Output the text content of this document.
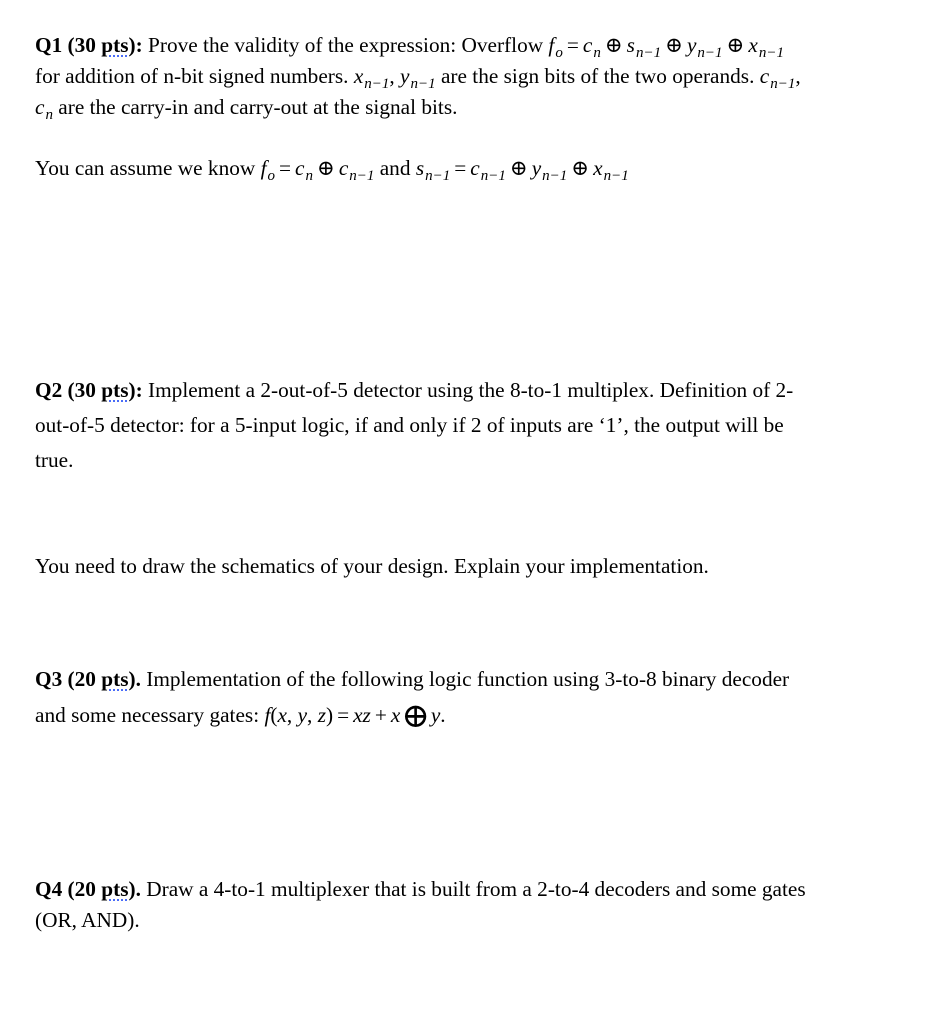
Q1 (30 pts): Prove the validity of the expression: Overflow $f_o = c_n$ ⊕ $s_{n-1}$ ⊕ $y_{n-1}$ ⊕ $x_{n-1}$
for addition of n-bit signed numbers. $x_{n-1}$, $y_{n-1}$ are the sign bits of the two operands. $c_{n-1}$,
$c_n$ are the carry-in and carry-out at the signal bits.
You can assume we know $f_o = c_n$ ⊕ $c_{n-1}$ and $s_{n-1} = c_{n-1}$ ⊕ $y_{n-1}$ ⊕ $x_{n-1}$
Q2 (30 pts): Implement a 2-out-of-5 detector using the 8-to-1 multiplex. Definition of 2-
out-of-5 detector: for a 5-input logic, if and only if 2 of inputs are ‘1’, the output will be
true.
You need to draw the schematics of your design. Explain your implementation.
Q3 (20 pts). Implementation of the following logic function using 3-to-8 binary decoder
and some necessary gates: f(x, y, z) = xz + x⊕y.
Q4 (20 pts). Draw a 4-to-1 multiplexer that is built from a 2-to-4 decoders and some gates
(OR, AND).
